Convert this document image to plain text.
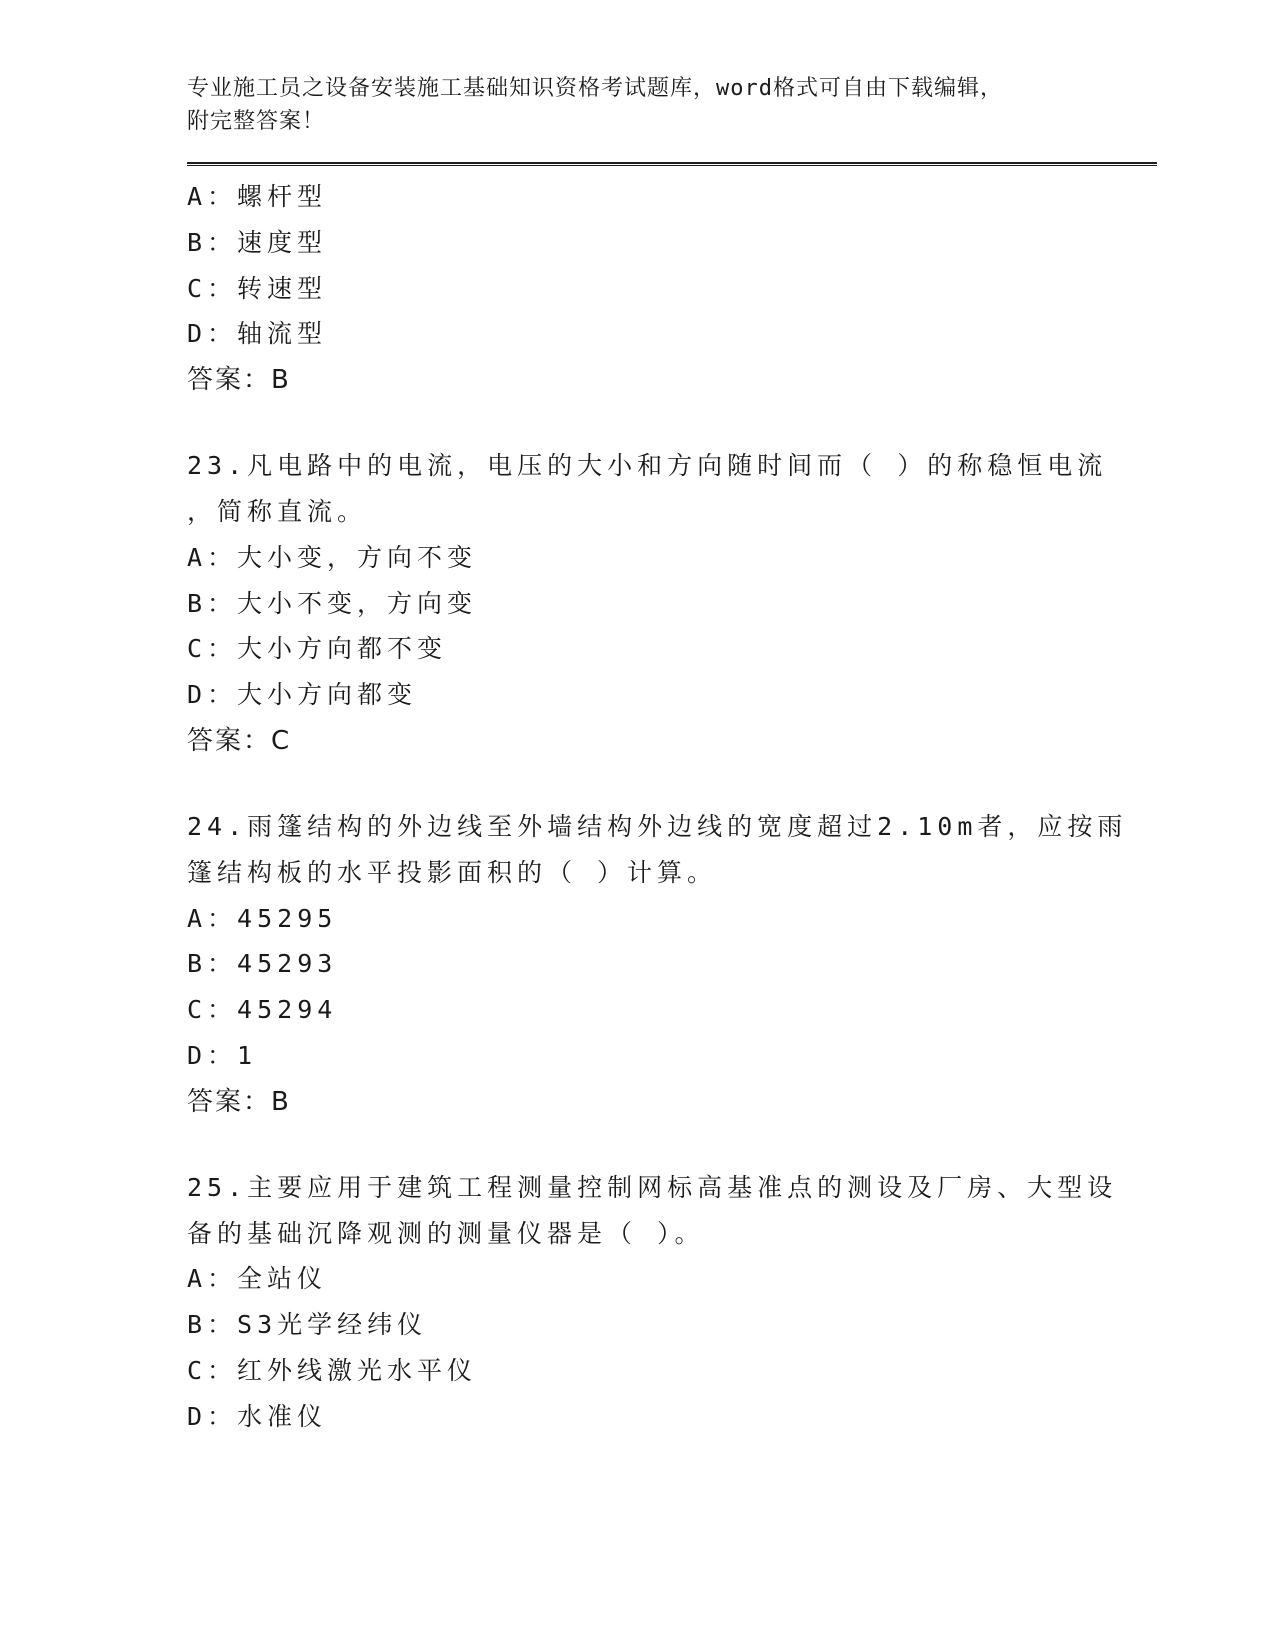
专业施工员之设备安装施工基础知识资格考试题库，word格式可自由下载编辑，
附完整答案！
A：螺杆型
B：速度型
C：转速型
D：轴流型
答案：B
23.凡电路中的电流，电压的大小和方向随时间而（ ）的称稳恒电流
，简称直流。
A：大小变，方向不变
B：大小不变，方向变
C：大小方向都不变
D：大小方向都变
答案：C
24.雨篷结构的外边线至外墙结构外边线的宽度超过2.10m者，应按雨
篷结构板的水平投影面积的（ ）计算。
A：45295
B：45293
C：45294
D：1
答案：B
25.主要应用于建筑工程测量控制网标高基准点的测设及厂房、大型设
备的基础沉降观测的测量仪器是（ ）。
A：全站仪
B：S3光学经纬仪
C：红外线激光水平仪
D：水准仪
